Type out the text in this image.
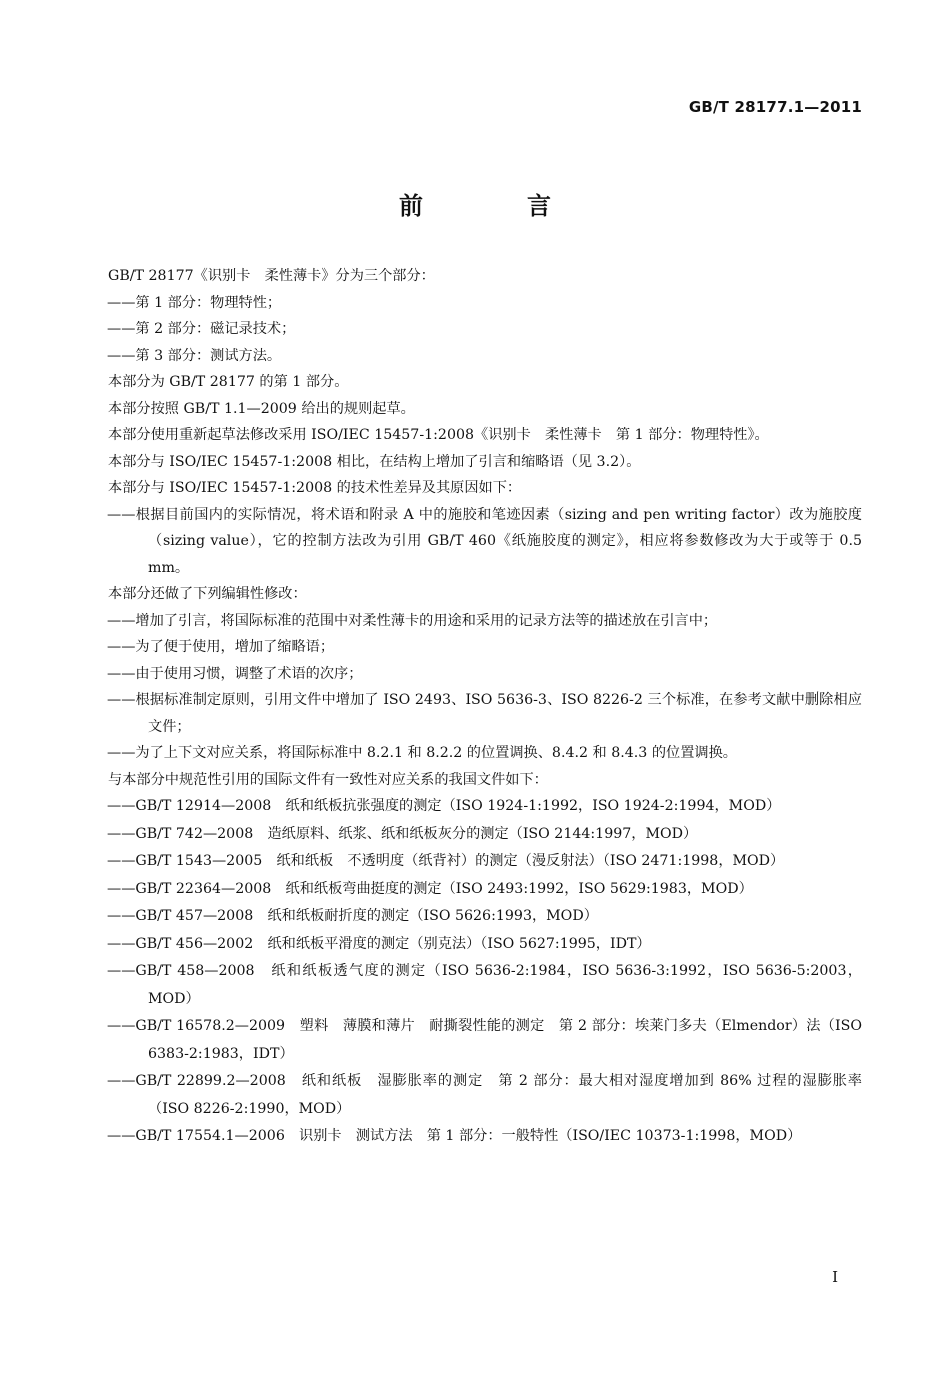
GB/T 28177.1—2011
前　言

GB/T 28177《识别卡　柔性薄卡》分为三个部分：

——第 1 部分：物理特性；

——第 2 部分：磁记录技术；

——第 3 部分：测试方法。

本部分为 GB/T 28177 的第 1 部分。

本部分按照 GB/T 1.1—2009 给出的规则起草。

本部分使用重新起草法修改采用 ISO/IEC 15457-1:2008《识别卡　柔性薄卡　第 1 部分：物理特性》。

本部分与 ISO/IEC 15457-1:2008 相比，在结构上增加了引言和缩略语（见 3.2）。

本部分与 ISO/IEC 15457-1:2008 的技术性差异及其原因如下：

——根据目前国内的实际情况，将术语和附录 A 中的施胶和笔迹因素（sizing and pen writing factor）改为施胶度（sizing value），它的控制方法改为引用 GB/T 460《纸施胶度的测定》，相应将参数修改为大于或等于 0.5 mm。

本部分还做了下列编辑性修改：

——增加了引言，将国际标准的范围中对柔性薄卡的用途和采用的记录方法等的描述放在引言中；

——为了便于使用，增加了缩略语；

——由于使用习惯，调整了术语的次序；

——根据标准制定原则，引用文件中增加了 ISO 2493、ISO 5636-3、ISO 8226-2 三个标准，在参考文献中删除相应文件；

——为了上下文对应关系，将国际标准中 8.2.1 和 8.2.2 的位置调换、8.4.2 和 8.4.3 的位置调换。

与本部分中规范性引用的国际文件有一致性对应关系的我国文件如下：

——GB/T 12914—2008　纸和纸板抗张强度的测定（ISO 1924-1:1992，ISO 1924-2:1994，MOD）

——GB/T 742—2008　造纸原料、纸浆、纸和纸板灰分的测定（ISO 2144:1997，MOD）

——GB/T 1543—2005　纸和纸板　不透明度（纸背衬）的测定（漫反射法）（ISO 2471:1998，MOD）

——GB/T 22364—2008　纸和纸板弯曲挺度的测定（ISO 2493:1992，ISO 5629:1983，MOD）

——GB/T 457—2008　纸和纸板耐折度的测定（ISO 5626:1993，MOD）

——GB/T 456—2002　纸和纸板平滑度的测定（别克法）（ISO 5627:1995，IDT）

——GB/T 458—2008　纸和纸板透气度的测定（ISO 5636-2:1984，ISO 5636-3:1992，ISO 5636-5:2003，MOD）

——GB/T 16578.2—2009　塑料　薄膜和薄片　耐撕裂性能的测定　第 2 部分：埃莱门多夫（Elmendor）法（ISO 6383-2:1983，IDT）

——GB/T 22899.2—2008　纸和纸板　湿膨胀率的测定　第 2 部分：最大相对湿度增加到 86% 过程的湿膨胀率（ISO 8226-2:1990，MOD）

——GB/T 17554.1—2006　识别卡　测试方法　第 1 部分：一般特性（ISO/IEC 10373-1:1998，MOD）

I
